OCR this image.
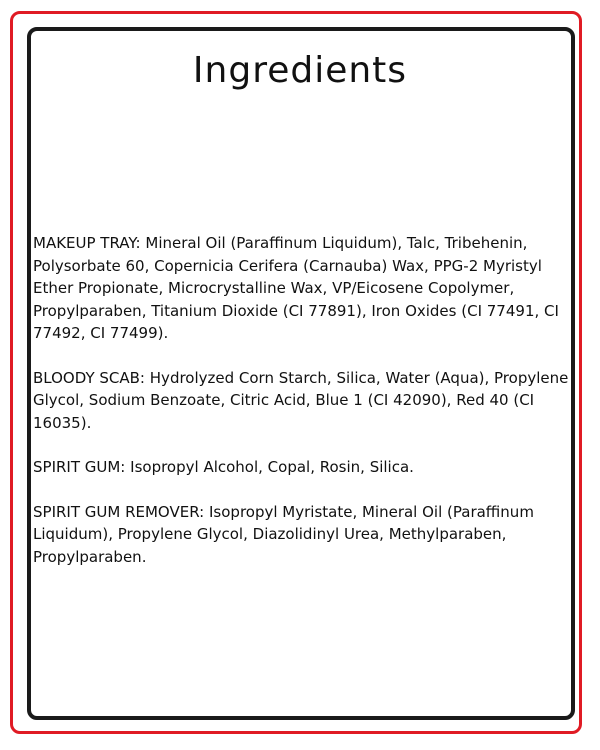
Ingredients

MAKEUP TRAY: Mineral Oil (Paraffinum Liquidum), Talc, Tribehenin, Polysorbate 60, Copernicia Cerifera (Carnauba) Wax, PPG-2 Myristyl Ether Propionate, Microcrystalline Wax, VP/Eicosene Copolymer, Propylparaben, Titanium Dioxide (CI 77891), Iron Oxides (CI 77491, CI 77492, CI 77499).

BLOODY SCAB: Hydrolyzed Corn Starch, Silica, Water (Aqua), Propylene Glycol, Sodium Benzoate, Citric Acid, Blue 1 (CI 42090), Red 40 (CI 16035).

SPIRIT GUM: Isopropyl Alcohol, Copal, Rosin, Silica.

SPIRIT GUM REMOVER: Isopropyl Myristate, Mineral Oil (Paraffinum Liquidum), Propylene Glycol, Diazolidinyl Urea, Methylparaben, Propylparaben.
